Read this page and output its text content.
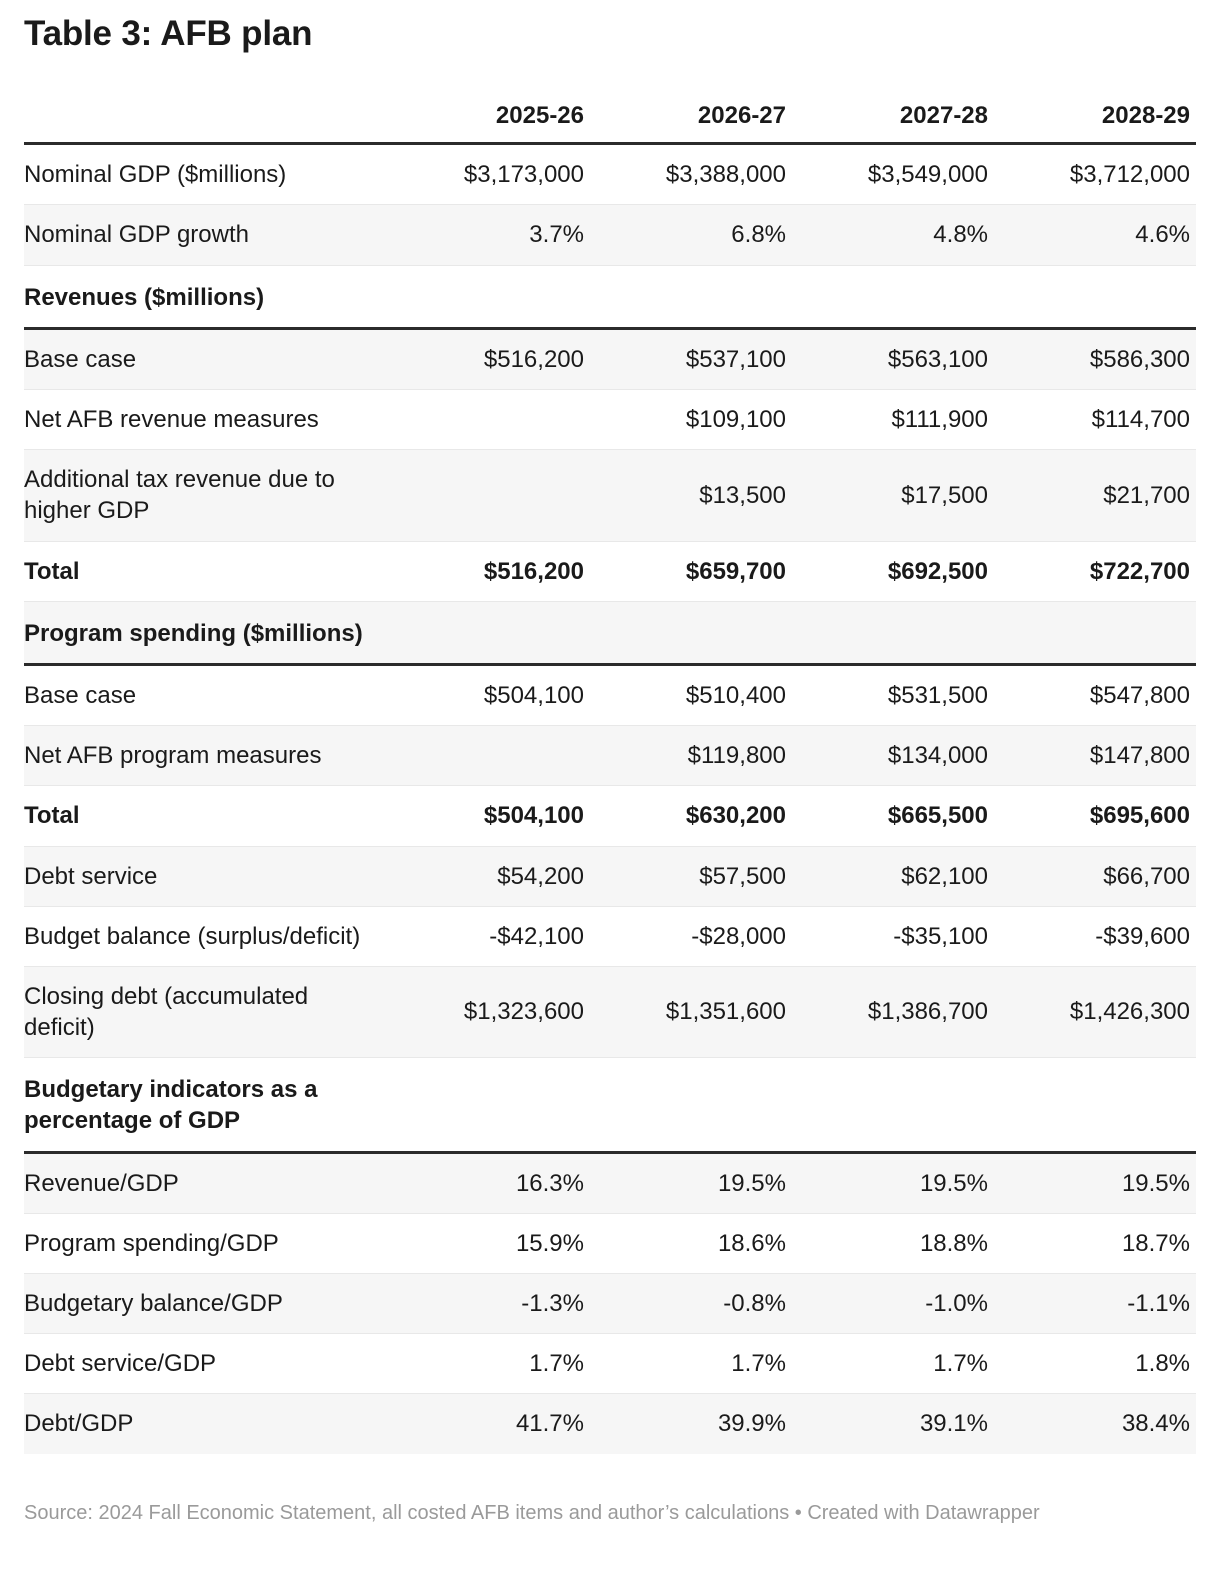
Table 3: AFB plan
	2025-26	2026-27	2027-28	2028-29
Nominal GDP ($millions)	$3,173,000	$3,388,000	$3,549,000	$3,712,000
Nominal GDP growth	3.7%	6.8%	4.8%	4.6%
Revenues ($millions)				
Base case	$516,200	$537,100	$563,100	$586,300
Net AFB revenue measures		$109,100	$111,900	$114,700
Additional tax revenue due to higher GDP		$13,500	$17,500	$21,700
Total	$516,200	$659,700	$692,500	$722,700
Program spending ($millions)				
Base case	$504,100	$510,400	$531,500	$547,800
Net AFB program measures		$119,800	$134,000	$147,800
Total	$504,100	$630,200	$665,500	$695,600
Debt service	$54,200	$57,500	$62,100	$66,700
Budget balance (surplus/deficit)	-$42,100	-$28,000	-$35,100	-$39,600
Closing debt (accumulated deficit)	$1,323,600	$1,351,600	$1,386,700	$1,426,300
Budgetary indicators as a percentage of GDP				
Revenue/GDP	16.3%	19.5%	19.5%	19.5%
Program spending/GDP	15.9%	18.6%	18.8%	18.7%
Budgetary balance/GDP	-1.3%	-0.8%	-1.0%	-1.1%
Debt service/GDP	1.7%	1.7%	1.7%	1.8%
Debt/GDP	41.7%	39.9%	39.1%	38.4%
Source: 2024 Fall Economic Statement, all costed AFB items and author’s calculations • Created with Datawrapper
